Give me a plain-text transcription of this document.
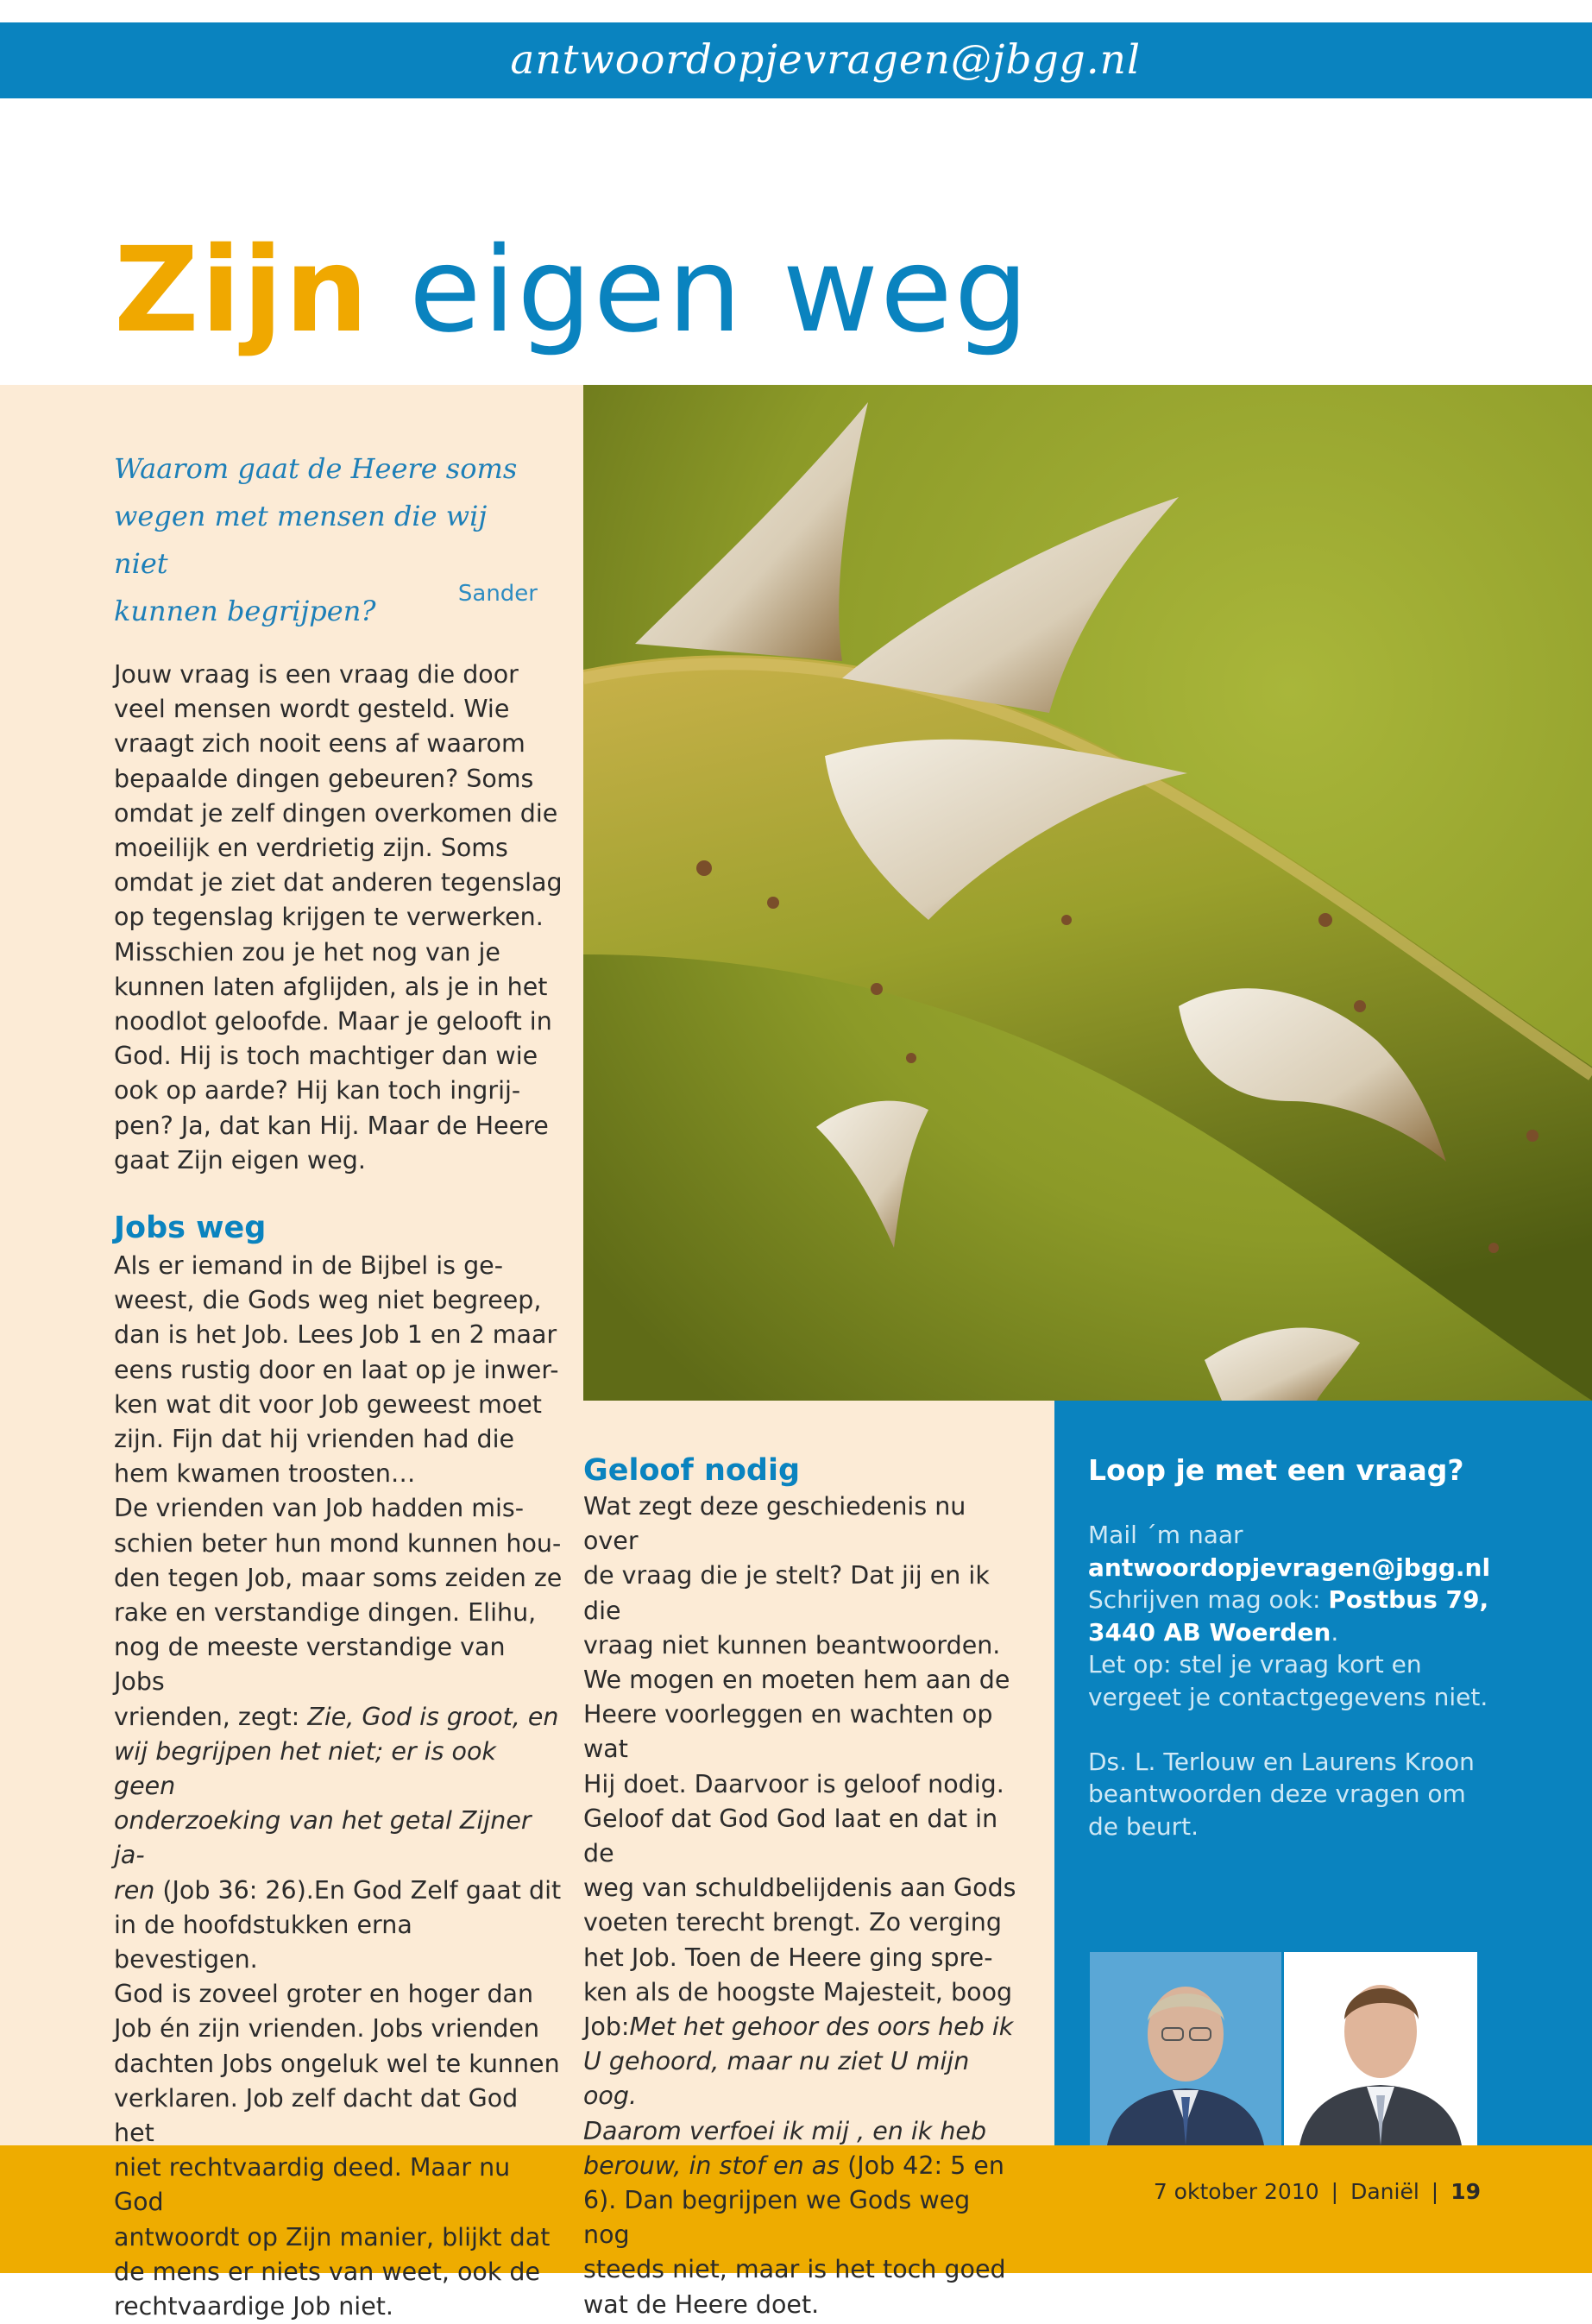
antwoordopjevragen@jbgg.nl
Zijn eigen weg
Waarom gaat de Heere soms
wegen met mensen die wij niet
kunnen begrijpen?
Sander
Jouw vraag is een vraag die door
veel mensen wordt gesteld. Wie
vraagt zich nooit eens af waarom
bepaalde dingen gebeuren? Soms
omdat je zelf dingen overkomen die
moeilijk en verdrietig zijn. Soms
omdat je ziet dat anderen tegenslag
op tegenslag krijgen te verwerken.
Misschien zou je het nog van je
kunnen laten afglijden, als je in het
noodlot geloofde. Maar je gelooft in
God. Hij is toch machtiger dan wie
ook op aarde? Hij kan toch ingrij-
pen? Ja, dat kan Hij. Maar de Heere
gaat Zijn eigen weg.
Jobs weg
Als er iemand in de Bijbel is ge-
weest, die Gods weg niet begreep,
dan is het Job. Lees Job 1 en 2 maar
eens rustig door en laat op je inwer-
ken wat dit voor Job geweest moet
zijn. Fijn dat hij vrienden had die
hem kwamen troosten…
De vrienden van Job hadden mis-
schien beter hun mond kunnen hou-
den tegen Job, maar soms zeiden ze
rake en verstandige dingen. Elihu,
nog de meeste verstandige van Jobs
vrienden, zegt: Zie, God is groot, en
wij begrijpen het niet; er is ook geen
onderzoeking van het getal Zijner ja-
ren (Job 36: 26).En God Zelf gaat dit
in de hoofdstukken erna bevestigen.
God is zoveel groter en hoger dan
Job én zijn vrienden. Jobs vrienden
dachten Jobs ongeluk wel te kunnen
verklaren. Job zelf dacht dat God het
niet rechtvaardig deed. Maar nu God
antwoordt op Zijn manier, blijkt dat
de mens er niets van weet, ook de
rechtvaardige Job niet.
Geloof nodig
Wat zegt deze geschiedenis nu over
de vraag die je stelt? Dat jij en ik die
vraag niet kunnen beantwoorden.
We mogen en moeten hem aan de
Heere voorleggen en wachten op wat
Hij doet. Daarvoor is geloof nodig.
Geloof dat God God laat en dat in de
weg van schuldbelijdenis aan Gods
voeten terecht brengt. Zo verging
het Job. Toen de Heere ging spre-
ken als de hoogste Majesteit, boog
Job:Met het gehoor des oors heb ik
U gehoord, maar nu ziet U mijn oog.
Daarom verfoei ik mij , en ik heb
berouw, in stof en as (Job 42: 5 en
6). Dan begrijpen we Gods weg nog
steeds niet, maar is het toch goed
wat de Heere doet.
Loop je met een vraag?

Mail ´m naar

antwoordopjevragen@jbgg.nl

Schrijven mag ook: Postbus 79,

3440 AB Woerden.

Let op: stel je vraag kort en

vergeet je contactgegevens niet.

Ds. L. Terlouw en Laurens Kroon

beantwoorden deze vragen om

de beurt.

7 oktober 2010 | Daniël | 19
